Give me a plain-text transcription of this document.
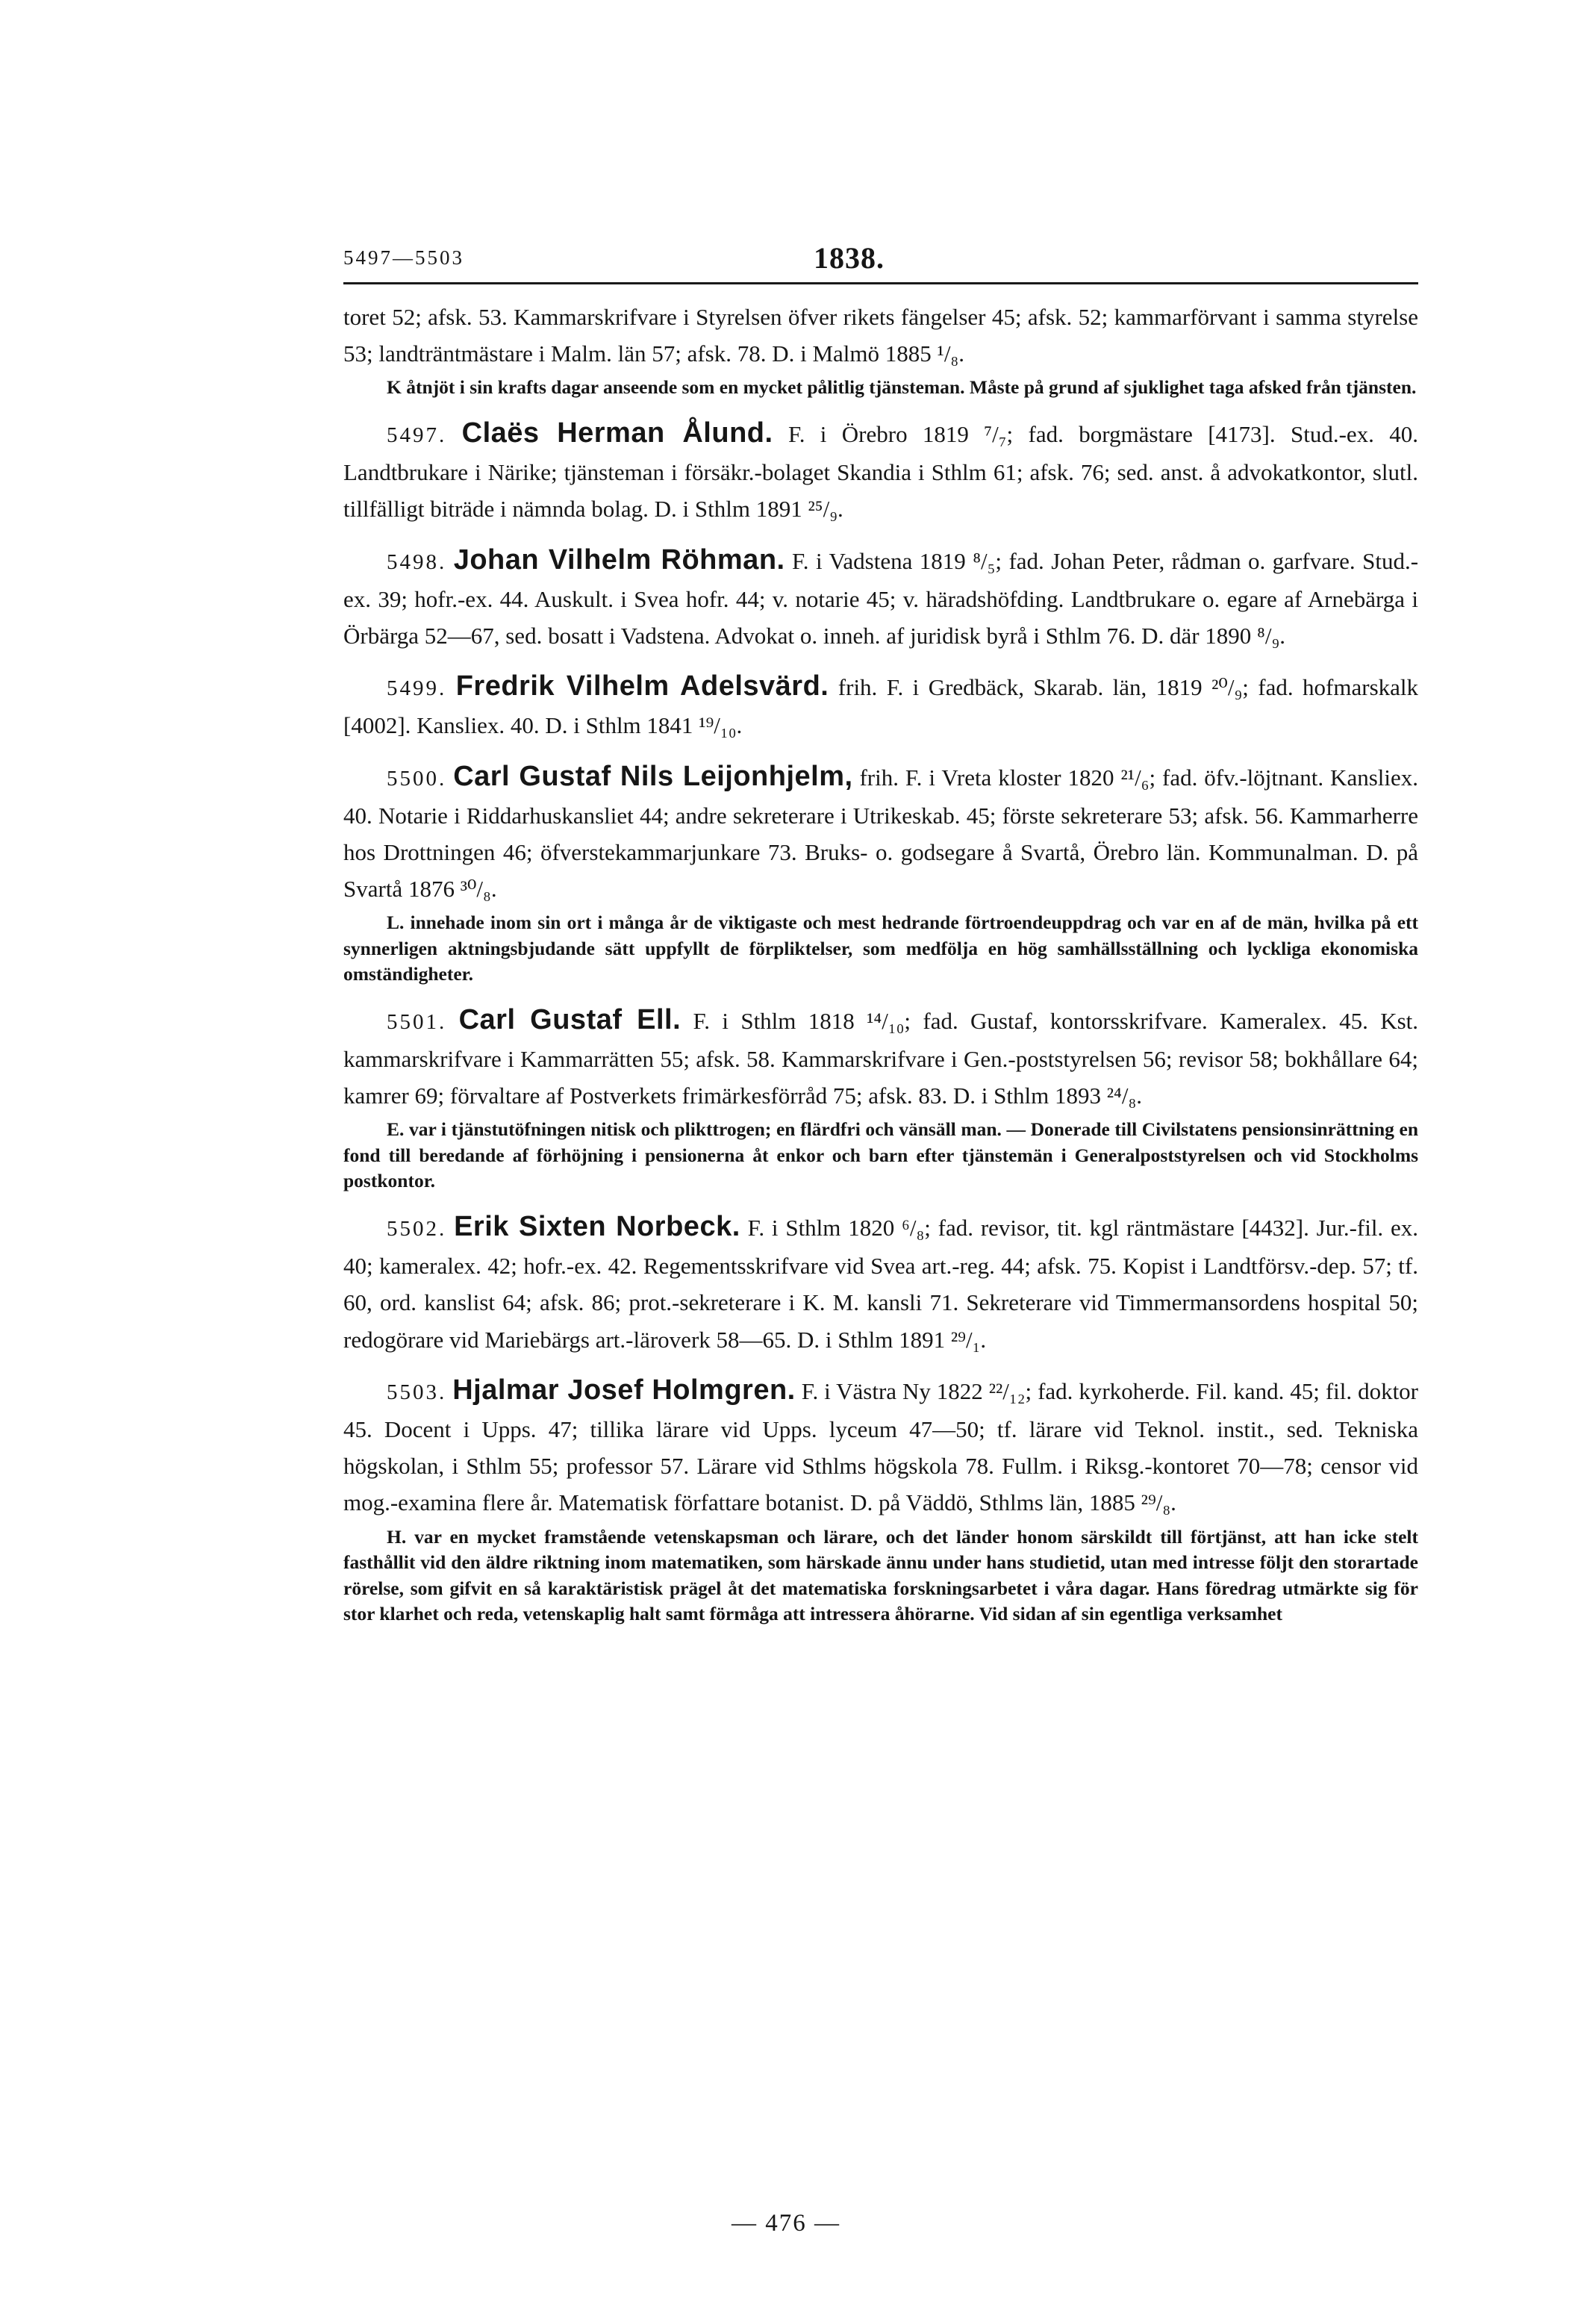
5497—5503	1838.

toret 52; afsk. 53. Kammarskrifvare i Styrelsen öfver rikets fängelser 45; afsk. 52; kammarförvant i samma styrelse 53; landträntmästare i Malm. län 57; afsk. 78. D. i Malmö 1885 ¹/₈.

K åtnjöt i sin krafts dagar anseende som en mycket pålitlig tjänsteman. Måste på grund af sjuklighet taga afsked från tjänsten.

5497. Claës Herman Ålund. F. i Örebro 1819 ⁷/₇; fad. borgmästare [4173]. Stud.-ex. 40. Landtbrukare i Närike; tjänsteman i försäkr.-bolaget Skandia i Sthlm 61; afsk. 76; sed. anst. å advokatkontor, slutl. tillfälligt biträde i nämnda bolag. D. i Sthlm 1891 ²⁵/₉.

5498. Johan Vilhelm Röhman. F. i Vadstena 1819 ⁸/₅; fad. Johan Peter, rådman o. garfvare. Stud.-ex. 39; hofr.-ex. 44. Auskult. i Svea hofr. 44; v. notarie 45; v. häradshöfding. Landtbrukare o. egare af Arnebärga i Örbärga 52—67, sed. bosatt i Vadstena. Advokat o. inneh. af juridisk byrå i Sthlm 76. D. där 1890 ⁸/₉.

5499. Fredrik Vilhelm Adelsvärd. frih. F. i Gredbäck, Skarab. län, 1819 ²⁰/₉; fad. hofmarskalk [4002]. Kansliex. 40. D. i Sthlm 1841 ¹⁹/₁₀.

5500. Carl Gustaf Nils Leijonhjelm, frih. F. i Vreta kloster 1820 ²¹/₆; fad. öfv.-löjtnant. Kansliex. 40. Notarie i Riddarhuskansliet 44; andre sekreterare i Utrikeskab. 45; förste sekreterare 53; afsk. 56. Kammarherre hos Drottningen 46; öfverstekammarjunkare 73. Bruks- o. godsegare å Svartå, Örebro län. Kommunalman. D. på Svartå 1876 ³⁰/₈.

L. innehade inom sin ort i många år de viktigaste och mest hedrande förtroendeuppdrag och var en af de män, hvilka på ett synnerligen aktningsbjudande sätt uppfyllt de förpliktelser, som medfölja en hög samhällsställning och lyckliga ekonomiska omständigheter.

5501. Carl Gustaf Ell. F. i Sthlm 1818 ¹⁴/₁₀; fad. Gustaf, kontorsskrifvare. Kameralex. 45. Kst. kammarskrifvare i Kammarrätten 55; afsk. 58. Kammarskrifvare i Gen.-poststyrelsen 56; revisor 58; bokhållare 64; kamrer 69; förvaltare af Postverkets frimärkesförråd 75; afsk. 83. D. i Sthlm 1893 ²⁴/₈.

E. var i tjänstutöfningen nitisk och plikttrogen; en flärdfri och vänsäll man. — Donerade till Civilstatens pensionsinrättning en fond till beredande af förhöjning i pensionerna åt enkor och barn efter tjänstemän i Generalpoststyrelsen och vid Stockholms postkontor.

5502. Erik Sixten Norbeck. F. i Sthlm 1820 ⁶/₈; fad. revisor, tit. kgl räntmästare [4432]. Jur.-fil. ex. 40; kameralex. 42; hofr.-ex. 42. Regementsskrifvare vid Svea art.-reg. 44; afsk. 75. Kopist i Landtförsv.-dep. 57; tf. 60, ord. kanslist 64; afsk. 86; prot.-sekreterare i K. M. kansli 71. Sekreterare vid Timmermansordens hospital 50; redogörare vid Mariebärgs art.-läroverk 58—65. D. i Sthlm 1891 ²⁹/₁.

5503. Hjalmar Josef Holmgren. F. i Västra Ny 1822 ²²/₁₂; fad. kyrkoherde. Fil. kand. 45; fil. doktor 45. Docent i Upps. 47; tillika lärare vid Upps. lyceum 47—50; tf. lärare vid Teknol. instit., sed. Tekniska högskolan, i Sthlm 55; professor 57. Lärare vid Sthlms högskola 78. Fullm. i Riksg.-kontoret 70—78; censor vid mog.-examina flere år. Matematisk författare botanist. D. på Väddö, Sthlms län, 1885 ²⁹/₈.

H. var en mycket framstående vetenskapsman och lärare, och det länder honom särskildt till förtjänst, att han icke stelt fasthållit vid den äldre riktning inom matematiken, som härskade ännu under hans studietid, utan med intresse följt den storartade rörelse, som gifvit en så karaktäristisk prägel åt det matematiska forskningsarbetet i våra dagar. Hans föredrag utmärkte sig för stor klarhet och reda, vetenskaplig halt samt förmåga att intressera åhörarne. Vid sidan af sin egentliga verksamhet

— 476 —
